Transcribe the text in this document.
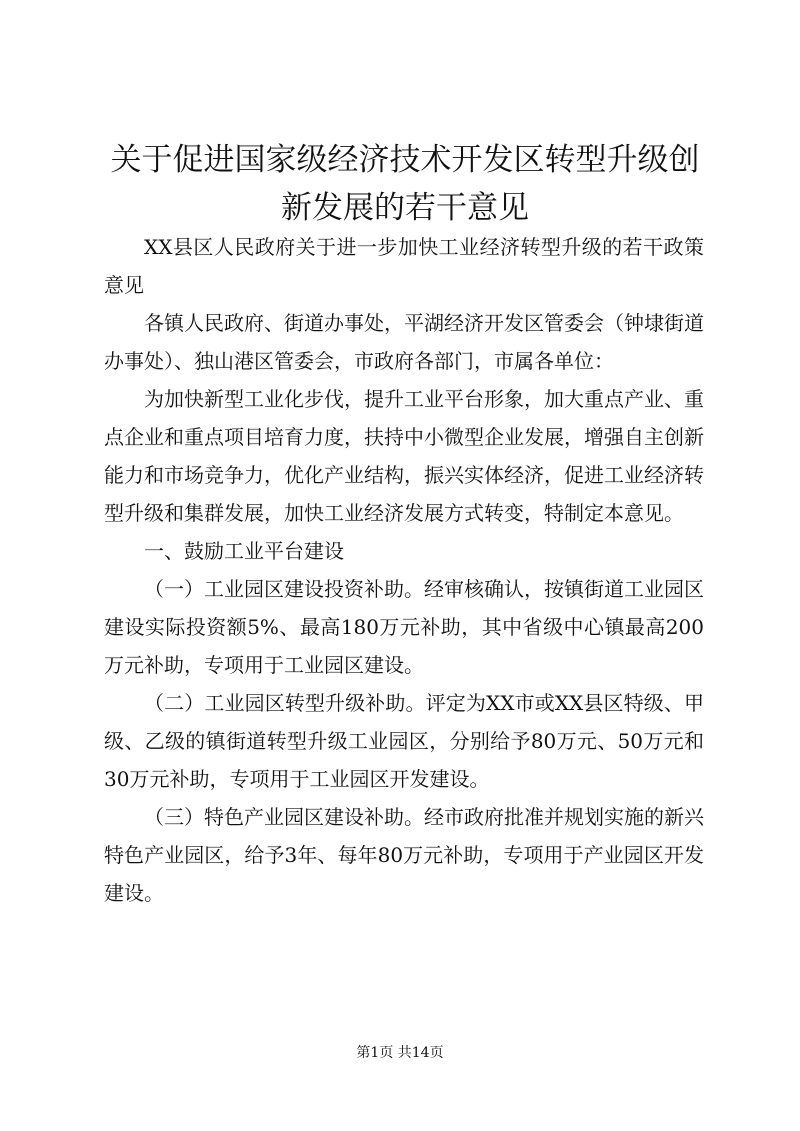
关于促进国家级经济技术开发区转型升级创新发展的若干意见

XX县区人民政府关于进一步加快工业经济转型升级的若干政策意见

各镇人民政府、街道办事处，平湖经济开发区管委会（钟埭街道办事处）、独山港区管委会，市政府各部门，市属各单位：

为加快新型工业化步伐，提升工业平台形象，加大重点产业、重点企业和重点项目培育力度，扶持中小微型企业发展，增强自主创新能力和市场竞争力，优化产业结构，振兴实体经济，促进工业经济转型升级和集群发展，加快工业经济发展方式转变，特制定本意见。

一、鼓励工业平台建设

（一）工业园区建设投资补助。经审核确认，按镇街道工业园区建设实际投资额5%、最高180万元补助，其中省级中心镇最高200万元补助，专项用于工业园区建设。

（二）工业园区转型升级补助。评定为XX市或XX县区特级、甲级、乙级的镇街道转型升级工业园区，分别给予80万元、50万元和30万元补助，专项用于工业园区开发建设。

（三）特色产业园区建设补助。经市政府批准并规划实施的新兴特色产业园区，给予3年、每年80万元补助，专项用于产业园区开发建设。

第1页 共14页
